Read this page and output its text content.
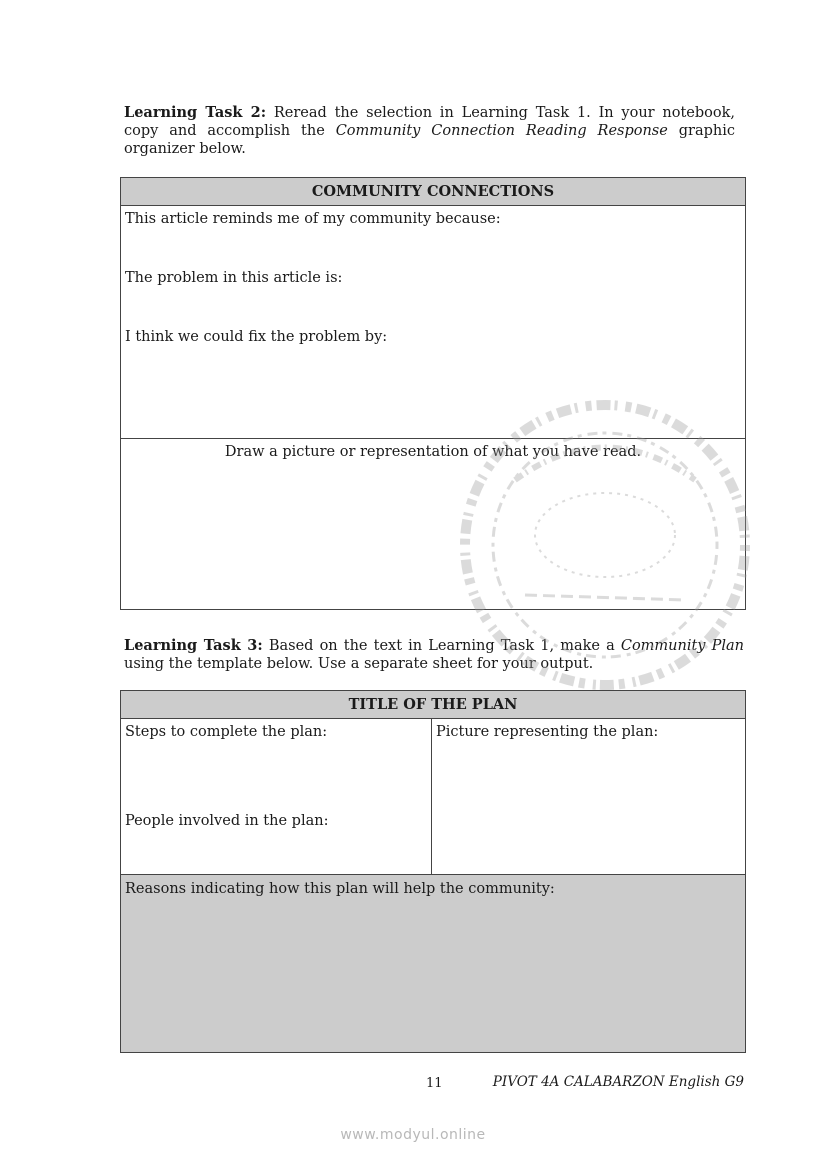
Learning Task 2: Reread the selection in Learning Task 1. In your notebook, copy and accomplish the Community Connection Reading Response graphic organizer below.
COMMUNITY CONNECTIONS
This article reminds me of my community because:
The problem in this article is:
I think we could fix the problem by:
Draw a picture or representation of what you have read.
Learning Task 3: Based on the text in Learning Task 1, make a Community Plan using the template below. Use a separate sheet for your output.
TITLE OF THE PLAN
Steps to complete the plan:
People involved in the plan:
Picture representing the plan:
Reasons indicating how this plan will help the community:
11	PIVOT 4A CALABARZON English G9
www.modyul.online
